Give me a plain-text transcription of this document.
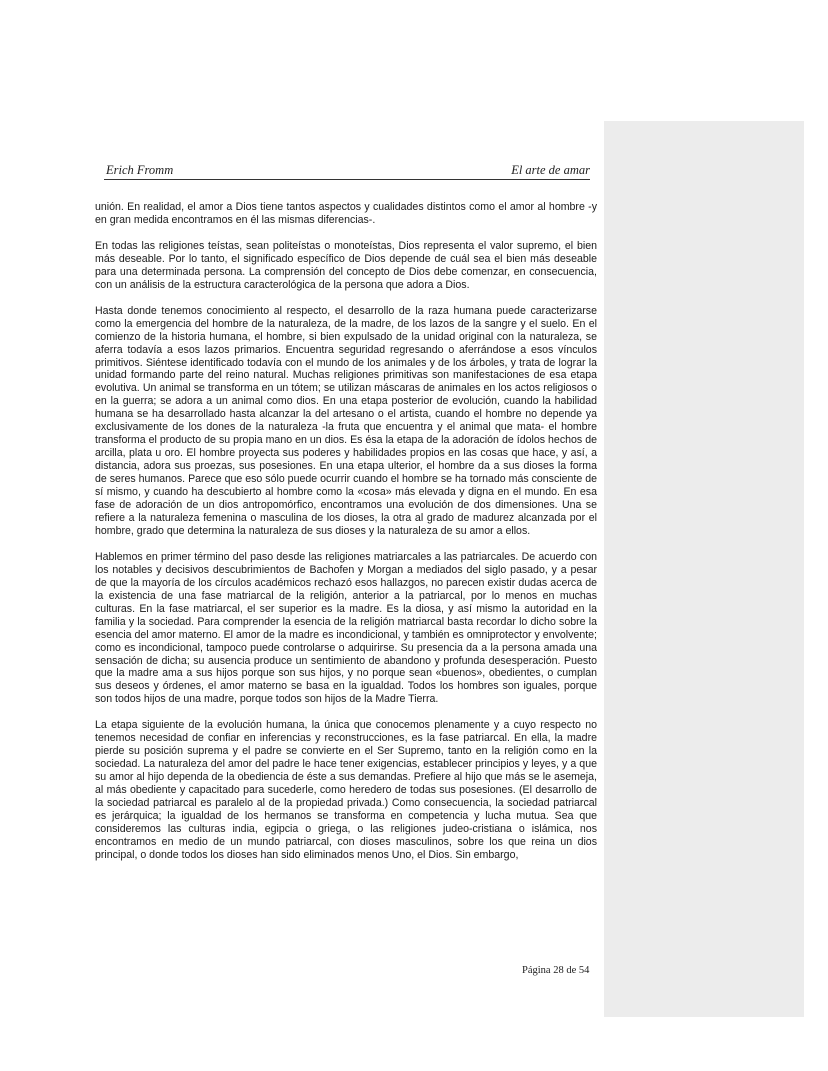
Erich Fromm	El arte de amar

unión. En realidad, el amor a Dios tiene tantos aspectos y cualidades distintos como el amor al hombre -y en gran medida encontramos en él las mismas diferencias-.

En todas las religiones teístas, sean politeístas o monoteístas, Dios representa el valor supremo, el bien más deseable. Por lo tanto, el significado específico de Dios depende de cuál sea el bien más deseable para una determinada persona. La comprensión del concepto de Dios debe comenzar, en consecuencia, con un análisis de la estructura caracterológica de la persona que adora a Dios.

Hasta donde tenemos conocimiento al respecto, el desarrollo de la raza humana puede caracterizarse como la emergencia del hombre de la naturaleza, de la madre, de los lazos de la sangre y el suelo. En el comienzo de la historia humana, el hombre, si bien expulsado de la unidad original con la naturaleza, se aferra todavía a esos lazos primarios. Encuentra seguridad regresando o aferrándose a esos vínculos primitivos. Siéntese identificado todavía con el mundo de los animales y de los árboles, y trata de lograr la unidad formando parte del reino natural. Muchas religiones primitivas son manifestaciones de esa etapa evolutiva. Un animal se transforma en un tótem; se utilizan máscaras de animales en los actos religiosos o en la guerra; se adora a un animal como dios. En una etapa posterior de evolución, cuando la habilidad humana se ha desarrollado hasta alcanzar la del artesano o el artista, cuando el hombre no depende ya exclusivamente de los dones de la naturaleza -la fruta que encuentra y el animal que mata- el hombre transforma el producto de su propia mano en un dios. Es ésa la etapa de la adoración de ídolos hechos de arcilla, plata u oro. El hombre proyecta sus poderes y habilidades propios en las cosas que hace, y así, a distancia, adora sus proezas, sus posesiones. En una etapa ulterior, el hombre da a sus dioses la forma de seres humanos. Parece que eso sólo puede ocurrir cuando el hombre se ha tornado más consciente de sí mismo, y cuando ha descubierto al hombre como la «cosa» más elevada y digna en el mundo. En esa fase de adoración de un dios antropomórfico, encontramos una evolución de dos dimensiones. Una se refiere a la naturaleza femenina o masculina de los dioses, la otra al grado de madurez alcanzada por el hombre, grado que determina la naturaleza de sus dioses y la naturaleza de su amor a ellos.

Hablemos en primer término del paso desde las religiones matriarcales a las patriarcales. De acuerdo con los notables y decisivos descubrimientos de Bachofen y Morgan a mediados del siglo pasado, y a pesar de que la mayoría de los círculos académicos rechazó esos hallazgos, no parecen existir dudas acerca de la existencia de una fase matriarcal de la religión, anterior a la patriarcal, por lo menos en muchas culturas. En la fase matriarcal, el ser superior es la madre. Es la diosa, y así mismo la autoridad en la familia y la sociedad. Para comprender la esencia de la religión matriarcal basta recordar lo dicho sobre la esencia del amor materno. El amor de la madre es incondicional, y también es omniprotector y envolvente; como es incondicional, tampoco puede controlarse o adquirirse. Su presencia da a la persona amada una sensación de dicha; su ausencia produce un sentimiento de abandono y profunda desesperación. Puesto que la madre ama a sus hijos porque son sus hijos, y no porque sean «buenos», obedientes, o cumplan sus deseos y órdenes, el amor materno se basa en la igualdad. Todos los hombres son iguales, porque son todos hijos de una madre, porque todos son hijos de la Madre Tierra.

La etapa siguiente de la evolución humana, la única que conocemos plenamente y a cuyo respecto no tenemos necesidad de confiar en inferencias y reconstrucciones, es la fase patriarcal. En ella, la madre pierde su posición suprema y el padre se convierte en el Ser Supremo, tanto en la religión como en la sociedad. La naturaleza del amor del padre le hace tener exigencias, establecer principios y leyes, y a que su amor al hijo dependa de la obediencia de éste a sus demandas. Prefiere al hijo que más se le asemeja, al más obediente y capacitado para sucederle, como heredero de todas sus posesiones. (El desarrollo de la sociedad patriarcal es paralelo al de la propiedad privada.) Como consecuencia, la sociedad patriarcal es jerárquica; la igualdad de los hermanos se transforma en competencia y lucha mutua. Sea que consideremos las culturas india, egipcia o griega, o las religiones judeo-cristiana o islámica, nos encontramos en medio de un mundo patriarcal, con dioses masculinos, sobre los que reina un dios principal, o donde todos los dioses han sido eliminados menos Uno, el Dios. Sin embargo,

Página 28 de 54
